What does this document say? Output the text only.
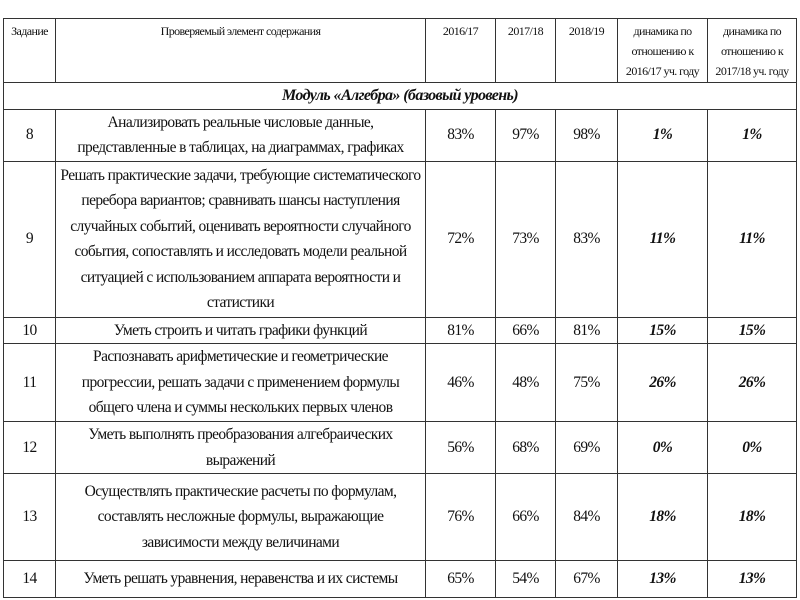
Задание	Проверяемый элемент содержания	2016/17	2017/18	2018/19	динамика по отношению к 2016/17 уч. году	динамика по отношению к 2017/18 уч. году
Модуль «Алгебра» (базовый уровень)						
8	Анализировать реальные числовые данные, представленные в таблицах, на диаграммах, графиках	83%	97%	98%	1%	1%
9	Решать практические задачи, требующие систематического перебора вариантов; сравнивать шансы наступления случайных событий, оценивать вероятности случайного события, сопоставлять и исследовать модели реальной ситуацией с использованием аппарата вероятности и статистики	72%	73%	83%	11%	11%
10	Уметь строить и читать графики функций	81%	66%	81%	15%	15%
11	Распознавать арифметические и геометрические прогрессии, решать задачи с применением формулы общего члена и суммы нескольких первых членов	46%	48%	75%	26%	26%
12	Уметь выполнять преобразования алгебраических выражений	56%	68%	69%	0%	0%
13	Осуществлять практические расчеты по формулам, составлять несложные формулы, выражающие зависимости между величинами	76%	66%	84%	18%	18%
14	Уметь решать уравнения, неравенства и их системы	65%	54%	67%	13%	13%
